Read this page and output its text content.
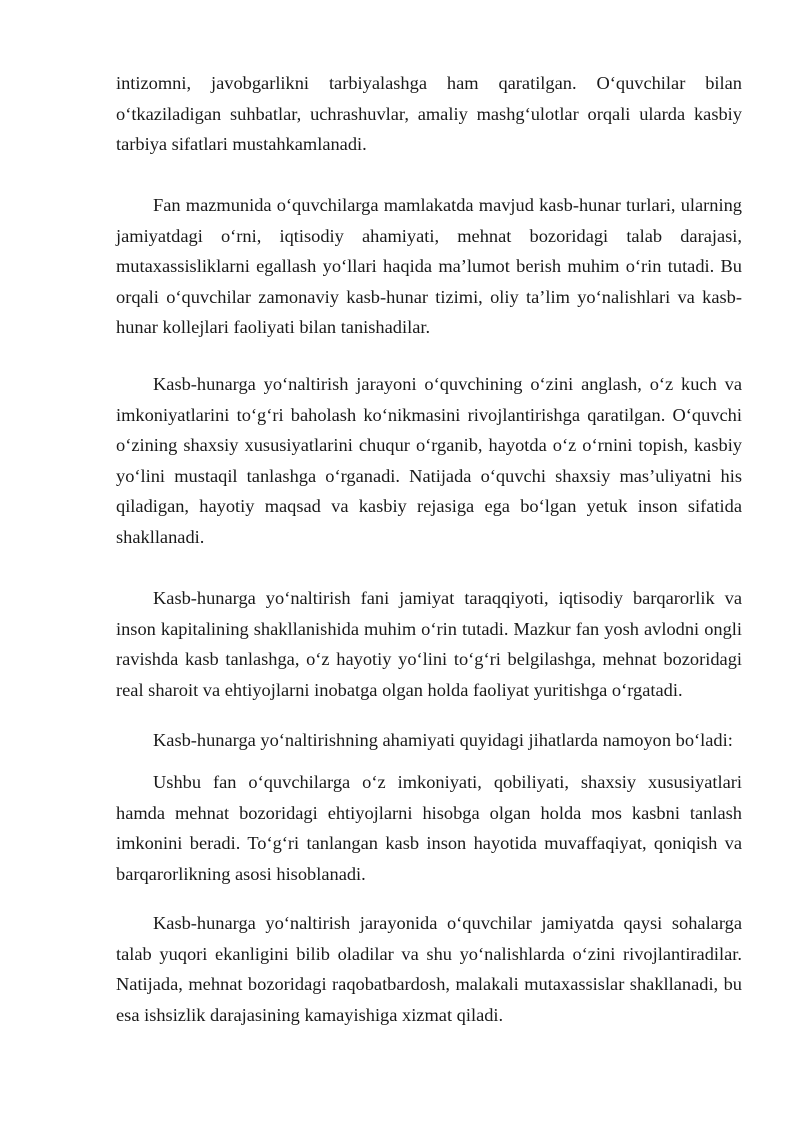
intizomni, javobgarlikni tarbiyalashga ham qaratilgan. O‘quvchilar bilan o‘tkaziladigan suhbatlar, uchrashuvlar, amaliy mashg‘ulotlar orqali ularda kasbiy tarbiya sifatlari mustahkamlanadi.

Fan mazmunida o‘quvchilarga mamlakatda mavjud kasb-hunar turlari, ularning jamiyatdagi o‘rni, iqtisodiy ahamiyati, mehnat bozoridagi talab darajasi, mutaxassisliklarni egallash yo‘llari haqida ma’lumot berish muhim o‘rin tutadi. Bu orqali o‘quvchilar zamonaviy kasb-hunar tizimi, oliy ta’lim yo‘nalishlari va kasb-hunar kollejlari faoliyati bilan tanishadilar.

Kasb-hunarga yo‘naltirish jarayoni o‘quvchining o‘zini anglash, o‘z kuch va imkoniyatlarini to‘g‘ri baholash ko‘nikmasini rivojlantirishga qaratilgan. O‘quvchi o‘zining shaxsiy xususiyatlarini chuqur o‘rganib, hayotda o‘z o‘rnini topish, kasbiy yo‘lini mustaqil tanlashga o‘rganadi. Natijada o‘quvchi shaxsiy mas’uliyatni his qiladigan, hayotiy maqsad va kasbiy rejasiga ega bo‘lgan yetuk inson sifatida shakllanadi.

Kasb-hunarga yo‘naltirish fani jamiyat taraqqiyoti, iqtisodiy barqarorlik va inson kapitalining shakllanishida muhim o‘rin tutadi. Mazkur fan yosh avlodni ongli ravishda kasb tanlashga, o‘z hayotiy yo‘lini to‘g‘ri belgilashga, mehnat bozoridagi real sharoit va ehtiyojlarni inobatga olgan holda faoliyat yuritishga o‘rgatadi.

Kasb-hunarga yo‘naltirishning ahamiyati quyidagi jihatlarda namoyon bo‘ladi:

Ushbu fan o‘quvchilarga o‘z imkoniyati, qobiliyati, shaxsiy xususiyatlari hamda mehnat bozoridagi ehtiyojlarni hisobga olgan holda mos kasbni tanlash imkonini beradi. To‘g‘ri tanlangan kasb inson hayotida muvaffaqiyat, qoniqish va barqarorlikning asosi hisoblanadi.

Kasb-hunarga yo‘naltirish jarayonida o‘quvchilar jamiyatda qaysi sohalarga talab yuqori ekanligini bilib oladilar va shu yo‘nalishlarda o‘zini rivojlantiradilar. Natijada, mehnat bozoridagi raqobatbardosh, malakali mutaxassislar shakllanadi, bu esa ishsizlik darajasining kamayishiga xizmat qiladi.
